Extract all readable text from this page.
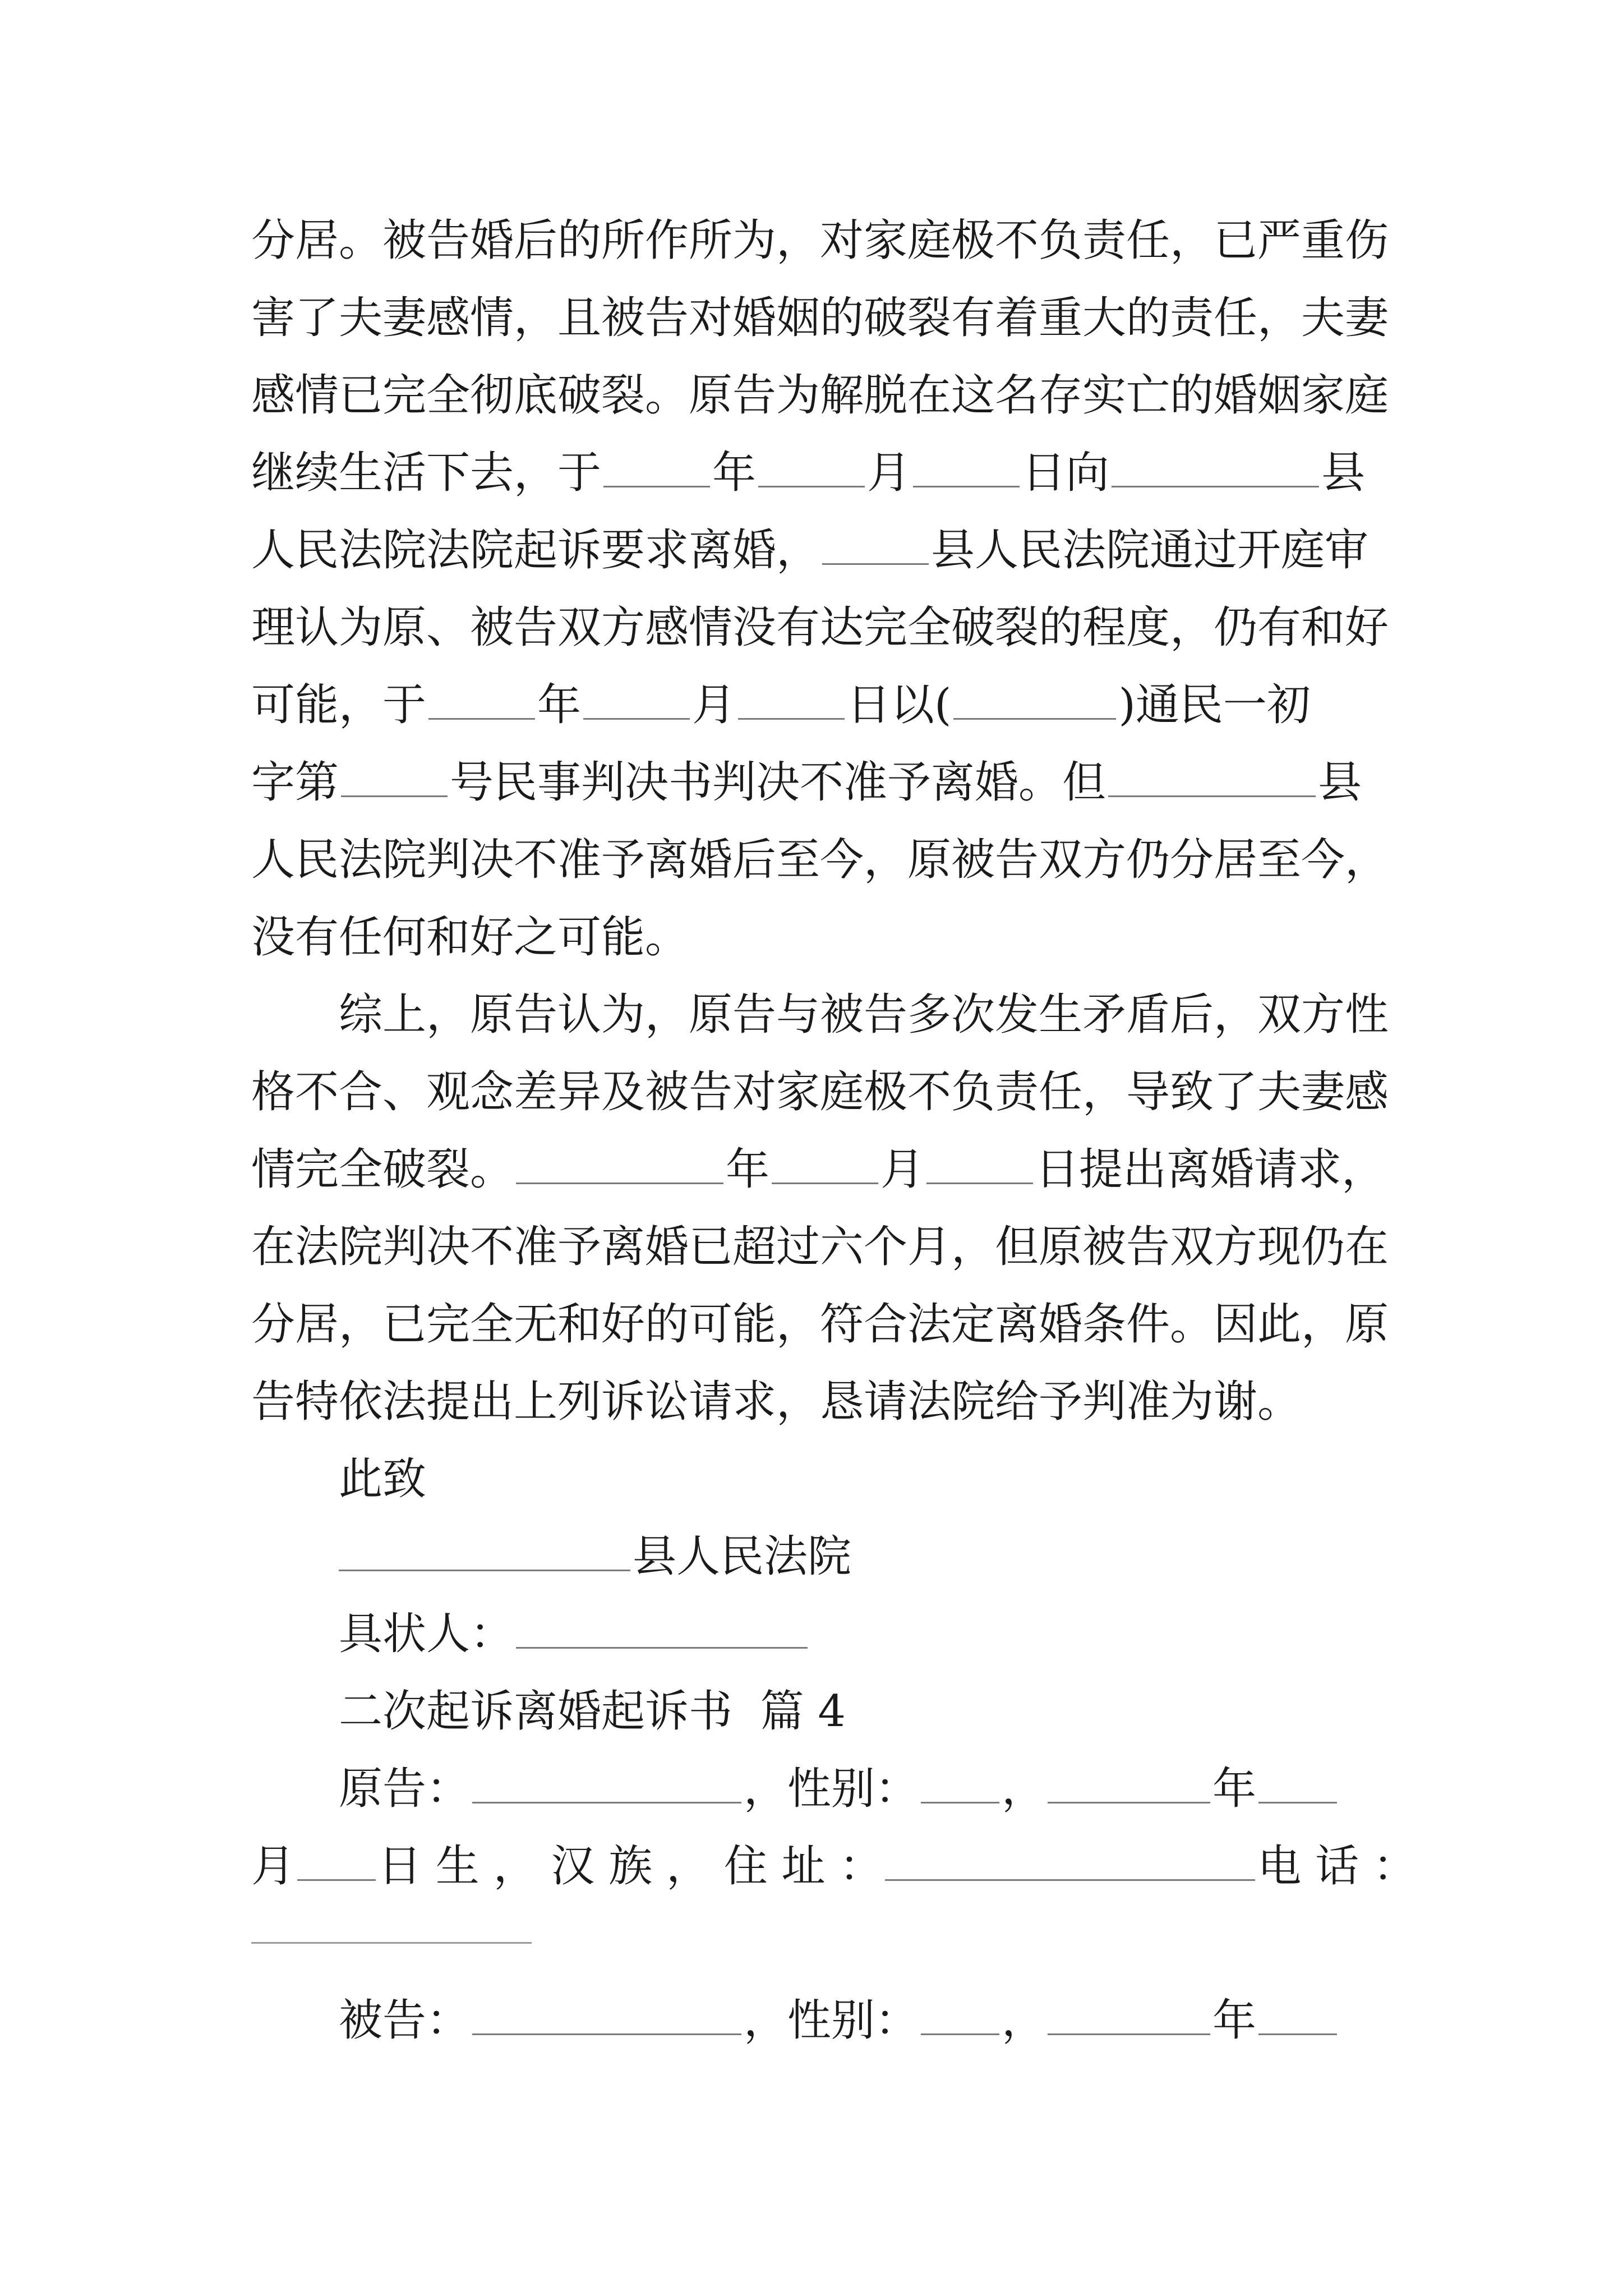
分居。被告婚后的所作所为，对家庭极不负责任，已严重伤
害了夫妻感情，且被告对婚姻的破裂有着重大的责任，夫妻
感情已完全彻底破裂。原告为解脱在这名存实亡的婚姻家庭
继续生活下去，于	年	月	日向	县
人民法院法院起诉要求离婚，	县人民法院通过开庭审
理认为原、被告双方感情没有达完全破裂的程度，仍有和好
可能，于	年	月	日以(	)通民一初
字第	号民事判决书判决不准予离婚。但	县
人民法院判决不准予离婚后至今，原被告双方仍分居至今，
没有任何和好之可能。

综上，原告认为，原告与被告多次发生矛盾后，双方性
格不合、观念差异及被告对家庭极不负责任，导致了夫妻感
情完全破裂。	年	月	日提出离婚请求，
在法院判决不准予离婚已超过六个月，但原被告双方现仍在
分居，已完全无和好的可能，符合法定离婚条件。因此，原
告特依法提出上列诉讼请求，恳请法院给予判准为谢。

此致
县人民法院
具状人：
二次起诉离婚起诉书  篇 4
原告：	，性别： ，	年
月 日 生 ， 汉 族 ， 住 址 ：	电 话 ：
被告：	，性别： ，	年
